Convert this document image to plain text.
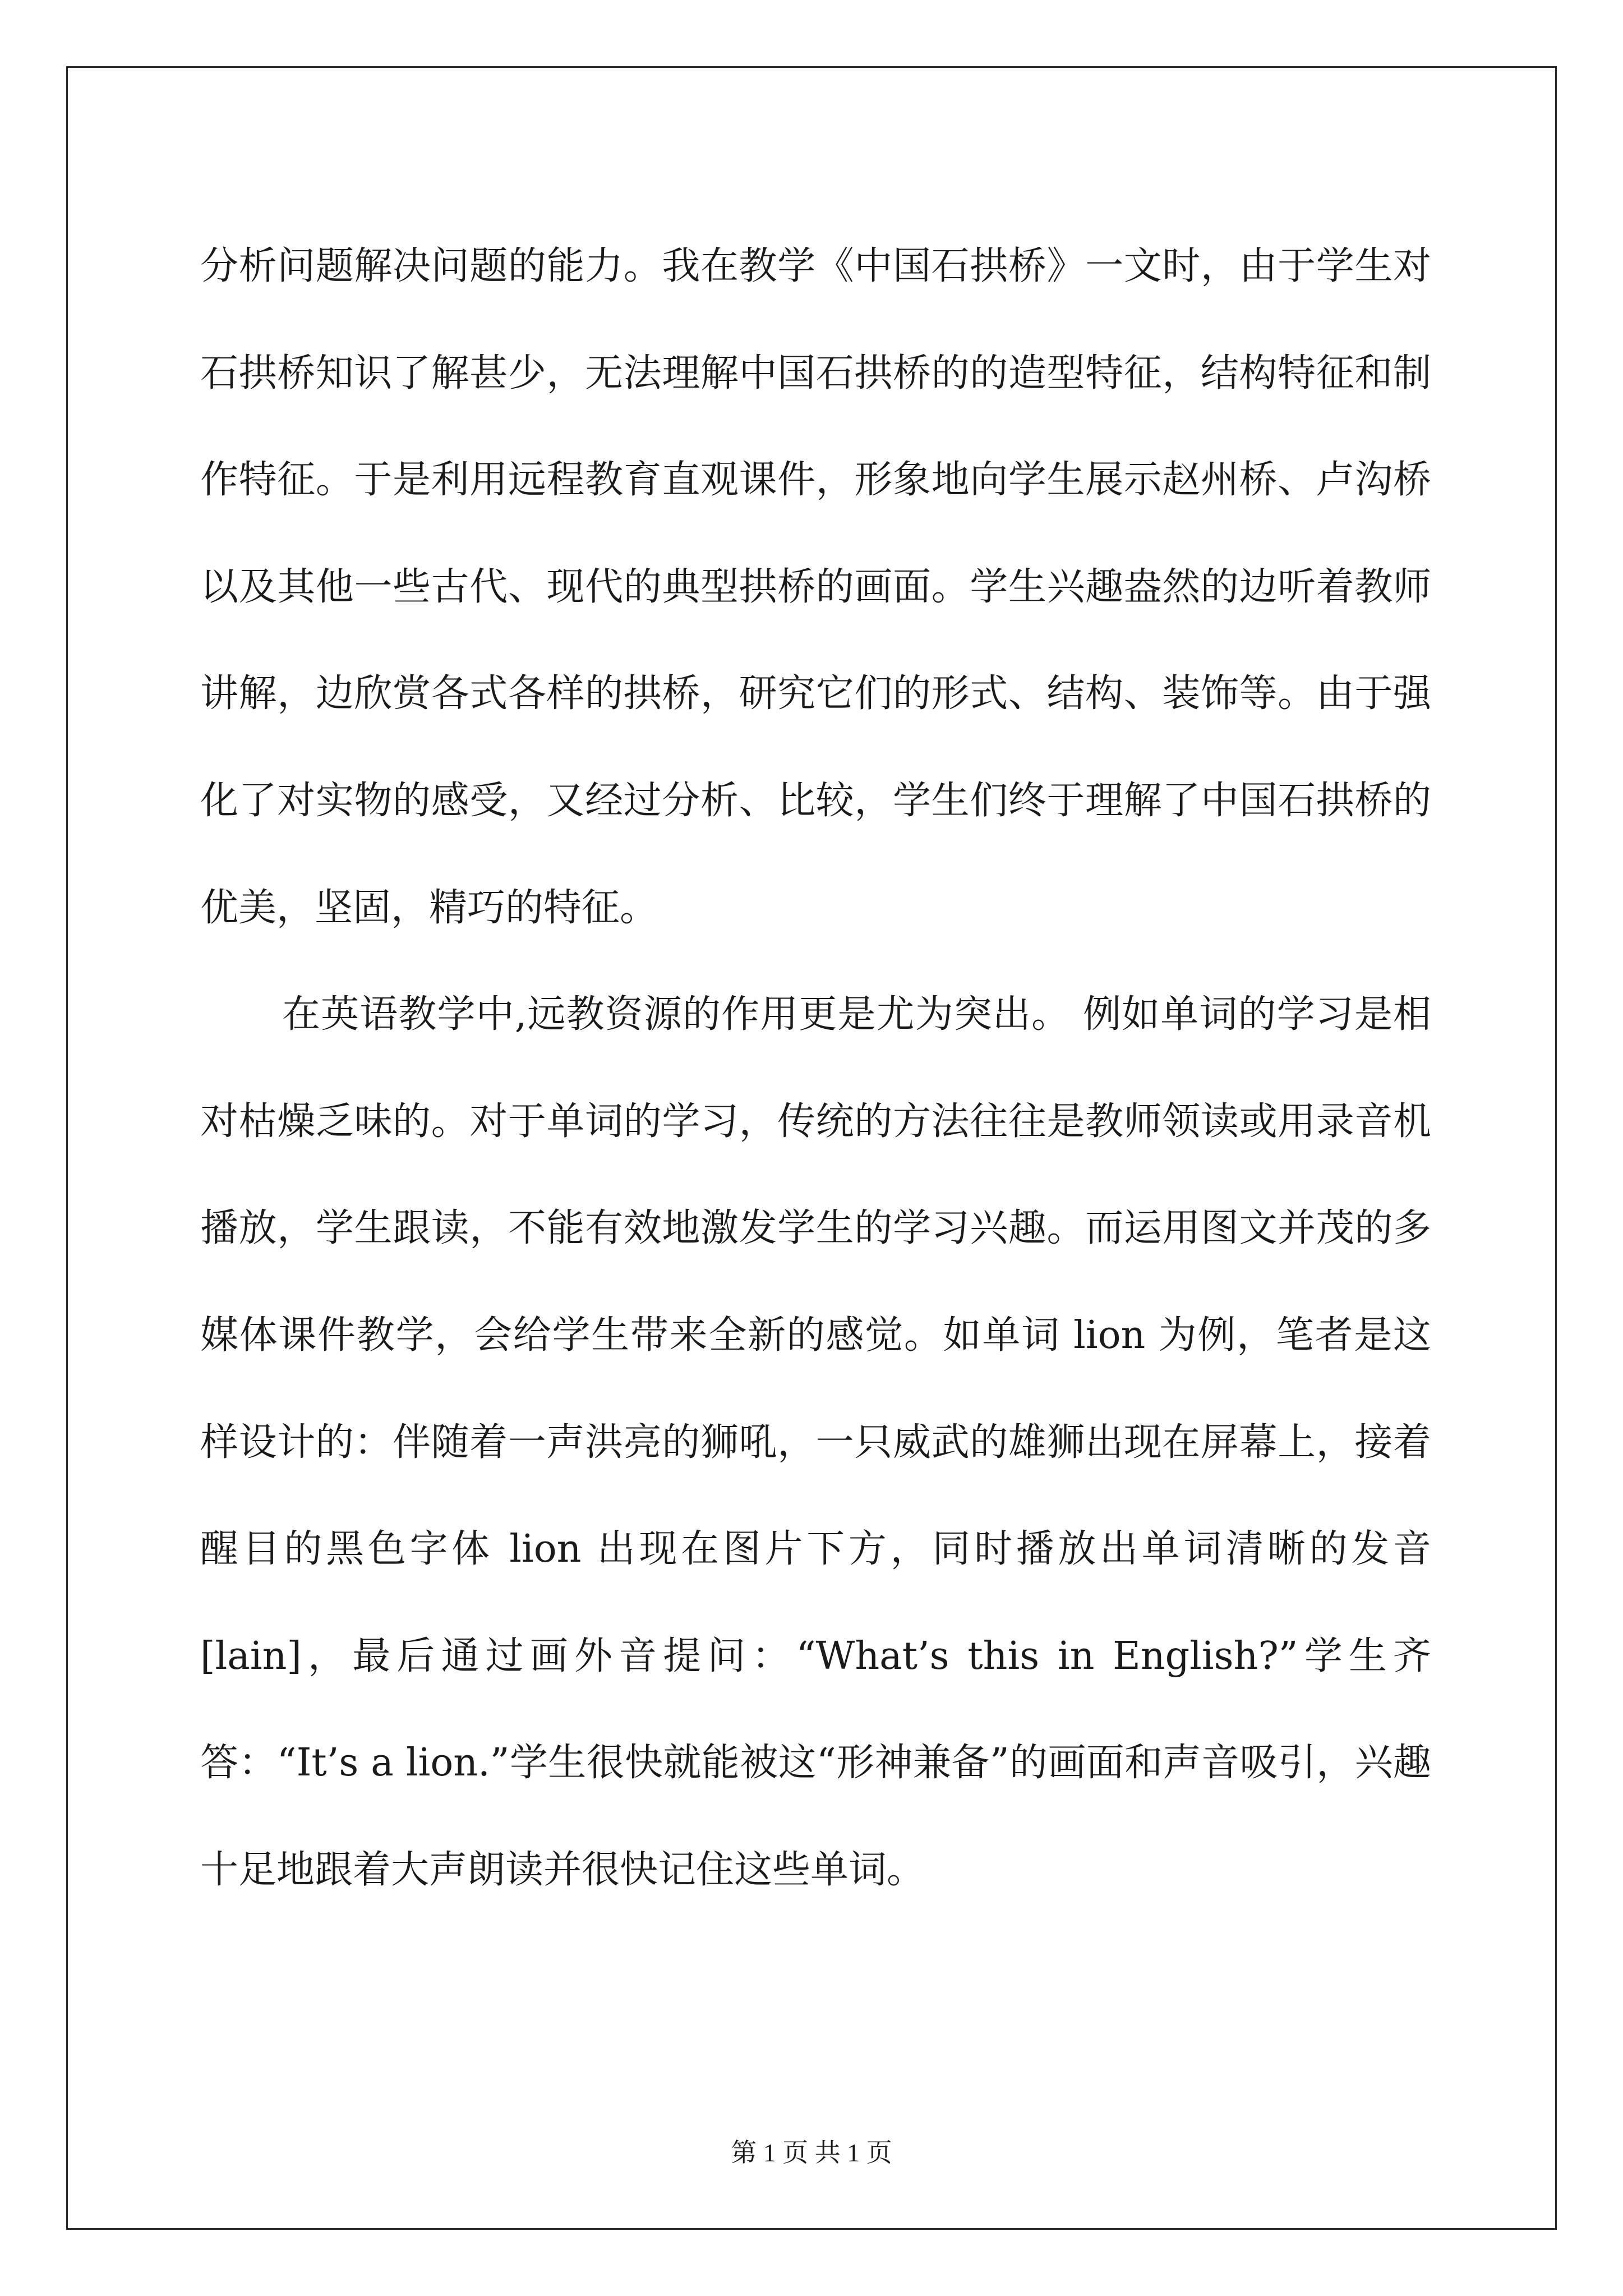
分析问题解决问题的能力。我在教学《中国石拱桥》一文时，由于学生对石拱桥知识了解甚少，无法理解中国石拱桥的的造型特征，结构特征和制作特征。于是利用远程教育直观课件，形象地向学生展示赵州桥、卢沟桥以及其他一些古代、现代的典型拱桥的画面。学生兴趣盎然的边听着教师讲解，边欣赏各式各样的拱桥，研究它们的形式、结构、装饰等。由于强化了对实物的感受，又经过分析、比较，学生们终于理解了中国石拱桥的优美，坚固，精巧的特征。

在英语教学中,远教资源的作用更是尤为突出。 例如单词的学习是相对枯燥乏味的。对于单词的学习，传统的方法往往是教师领读或用录音机播放，学生跟读，不能有效地激发学生的学习兴趣。而运用图文并茂的多媒体课件教学，会给学生带来全新的感觉。如单词 lion 为例，笔者是这样设计的：伴随着一声洪亮的狮吼，一只威武的雄狮出现在屏幕上，接着醒目的黑色字体 lion 出现在图片下方，同时播放出单词清晰的发音[lain]，最后通过画外音提问：“What’s this in English?”学生齐答：“It’s a lion.”学生很快就能被这“形神兼备”的画面和声音吸引，兴趣十足地跟着大声朗读并很快记住这些单词。

第 1 页 共 1 页
